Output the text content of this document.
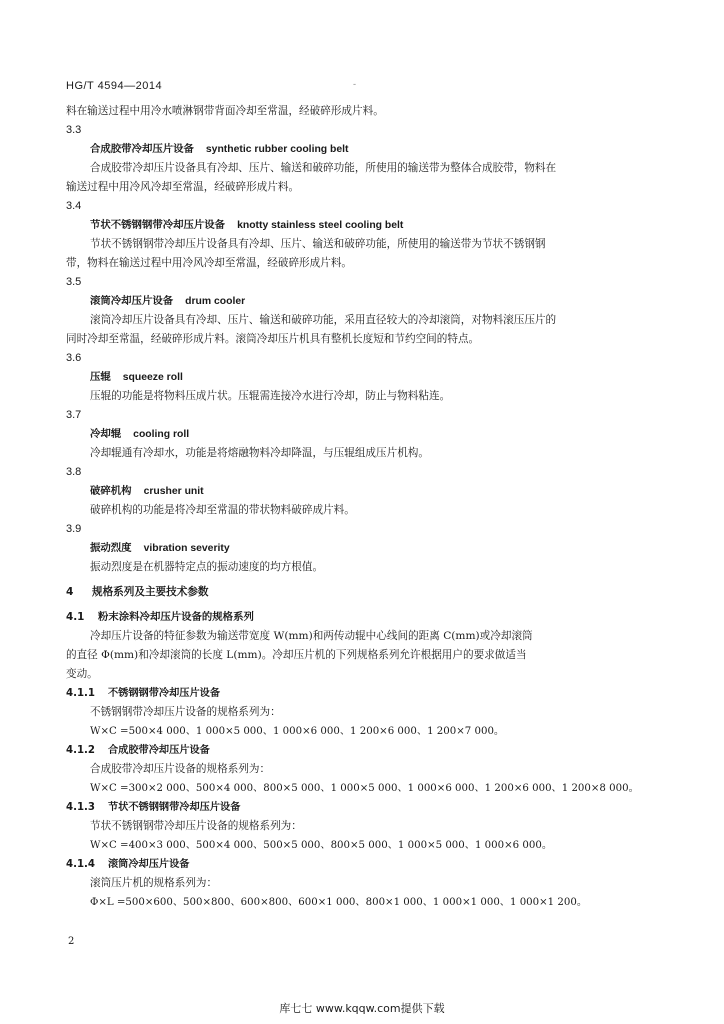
HG/T 4594—2014	-

料在输送过程中用冷水喷淋钢带背面冷却至常温，经破碎形成片料。

3.3

合成胶带冷却压片设备 synthetic rubber cooling belt

合成胶带冷却压片设备具有冷却、压片、输送和破碎功能，所使用的输送带为整体合成胶带，物料在

输送过程中用冷风冷却至常温，经破碎形成片料。

3.4

节状不锈钢钢带冷却压片设备 knotty stainless steel cooling belt

节状不锈钢钢带冷却压片设备具有冷却、压片、输送和破碎功能，所使用的输送带为节状不锈钢钢

带，物料在输送过程中用冷风冷却至常温，经破碎形成片料。

3.5

滚筒冷却压片设备 drum cooler

滚筒冷却压片设备具有冷却、压片、输送和破碎功能，采用直径较大的冷却滚筒，对物料滚压压片的

同时冷却至常温，经破碎形成片料。滚筒冷却压片机具有整机长度短和节约空间的特点。

3.6

压辊 squeeze roll

压辊的功能是将物料压成片状。压辊需连接冷水进行冷却，防止与物料粘连。

3.7

冷却辊 cooling roll

冷却辊通有冷却水，功能是将熔融物料冷却降温，与压辊组成压片机构。

3.8

破碎机构 crusher unit

破碎机构的功能是将冷却至常温的带状物料破碎成片料。

3.9

振动烈度 vibration severity

振动烈度是在机器特定点的振动速度的均方根值。

4 规格系列及主要技术参数
4.1 粉末涂料冷却压片设备的规格系列

冷却压片设备的特征参数为输送带宽度 W(mm)和两传动辊中心线间的距离 C(mm)或冷却滚筒

的直径 Φ(mm)和冷却滚筒的长度 L(mm)。冷却压片机的下列规格系列允许根据用户的要求做适当

变动。

4.1.1 不锈钢钢带冷却压片设备

不锈钢钢带冷却压片设备的规格系列为：

W×C =500×4 000、1 000×5 000、1 000×6 000、1 200×6 000、1 200×7 000。

4.1.2 合成胶带冷却压片设备

合成胶带冷却压片设备的规格系列为：

W×C =300×2 000、500×4 000、800×5 000、1 000×5 000、1 000×6 000、1 200×6 000、1 200×8 000。

4.1.3 节状不锈钢钢带冷却压片设备

节状不锈钢钢带冷却压片设备的规格系列为：

W×C =400×3 000、500×4 000、500×5 000、800×5 000、1 000×5 000、1 000×6 000。

4.1.4 滚筒冷却压片设备

滚筒压片机的规格系列为：

Φ×L =500×600、500×800、600×800、600×1 000、800×1 000、1 000×1 000、1 000×1 200。

2
库七七 www.kqqw.com提供下载
